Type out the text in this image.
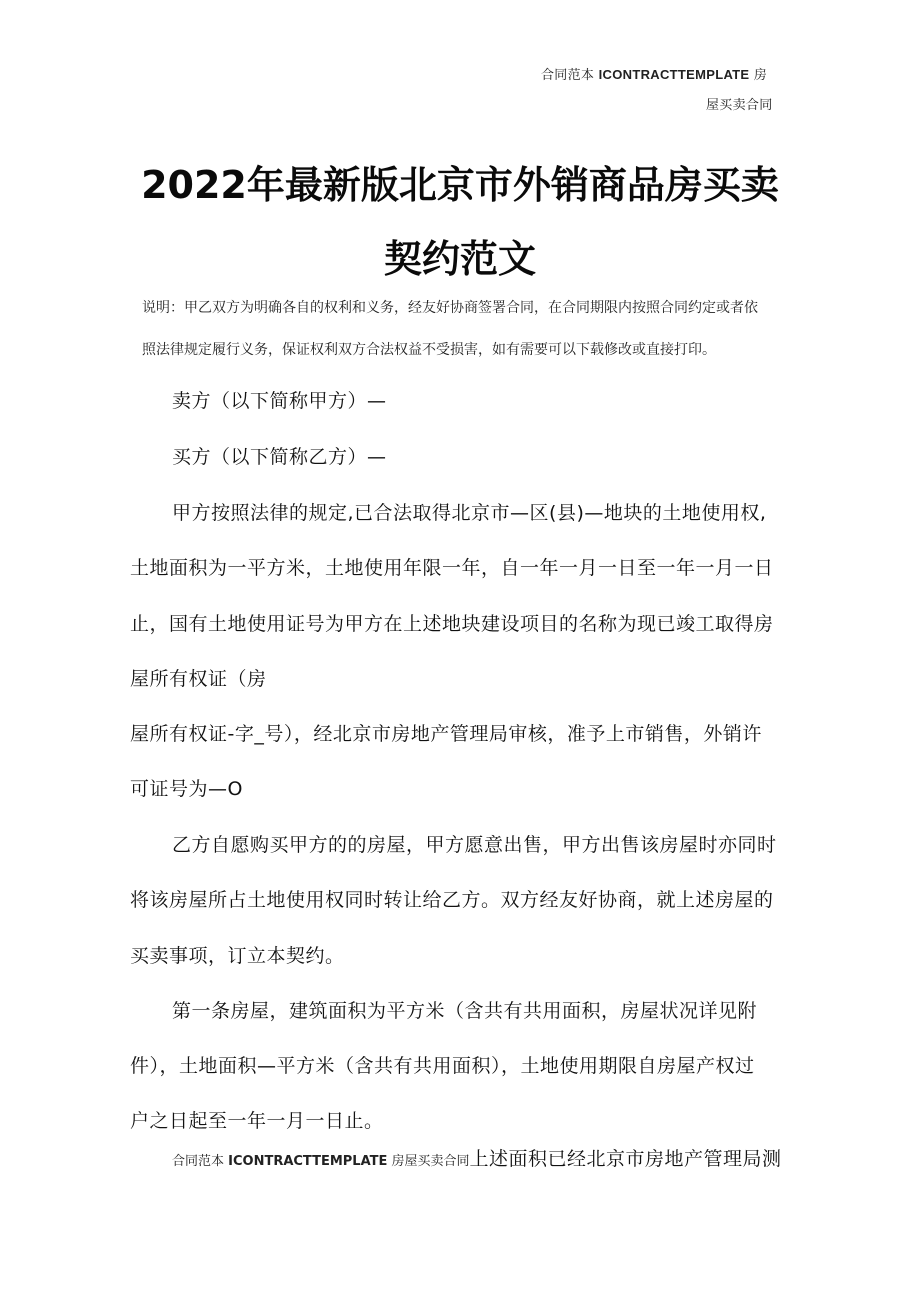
合同范本 ICONTRACTTEMPLATE 房
屋买卖合同
2022年最新版北京市外销商品房买卖
契约范文
说明：甲乙双方为明确各自的权利和义务，经友好协商签署合同，在合同期限内按照合同约定或者依
照法律规定履行义务，保证权利双方合法权益不受损害，如有需要可以下载修改或直接打印。
卖方（以下简称甲方）—
买方（以下简称乙方）—
甲方按照法律的规定,已合法取得北京市—区(县)—地块的土地使用权,
土地面积为一平方米，土地使用年限一年，自一年一月一日至一年一月一日
止，国有土地使用证号为甲方在上述地块建设项目的名称为现已竣工取得房
屋所有权证（房
屋所有权证-字_号），经北京市房地产管理局审核，准予上市销售，外销许
可证号为—O
乙方自愿购买甲方的的房屋，甲方愿意出售，甲方出售该房屋时亦同时
将该房屋所占土地使用权同时转让给乙方。双方经友好协商，就上述房屋的
买卖事项，订立本契约。
第一条房屋，建筑面积为平方米（含共有共用面积，房屋状况详见附
件），土地面积—平方米（含共有共用面积），土地使用期限自房屋产权过
户之日起至一年一月一日止。
合同范本 ICONTRACTTEMPLATE 房屋买卖合同上述面积已经北京市房地产管理局测
